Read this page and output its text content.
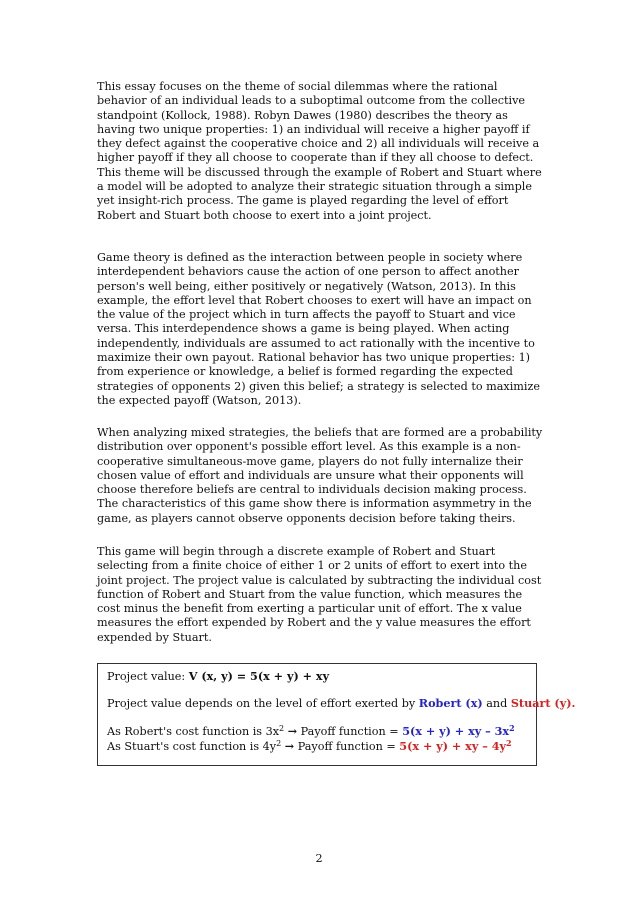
This essay focuses on the theme of social dilemmas where the rational behavior of an individual leads to a suboptimal outcome from the collective standpoint (Kollock, 1988). Robyn Dawes (1980) describes the theory as having two unique properties: 1) an individual will receive a higher payoff if they defect against the cooperative choice and 2) all individuals will receive a higher payoff if they all choose to cooperate than if they all choose to defect. This theme will be discussed through the example of Robert and Stuart where a model will be adopted to analyze their strategic situation through a simple yet insight-rich process. The game is played regarding the level of effort Robert and Stuart both choose to exert into a joint project.

Game theory is defined as the interaction between people in society where interdependent behaviors cause the action of one person to affect another person's well being, either positively or negatively (Watson, 2013). In this example, the effort level that Robert chooses to exert will have an impact on the value of the project which in turn affects the payoff to Stuart and vice versa. This interdependence shows a game is being played. When acting independently, individuals are assumed to act rationally with the incentive to maximize their own payout. Rational behavior has two unique properties: 1) from experience or knowledge, a belief is formed regarding the expected strategies of opponents 2) given this belief; a strategy is selected to maximize the expected payoff (Watson, 2013).

When analyzing mixed strategies, the beliefs that are formed are a probability distribution over opponent's possible effort level. As this example is a non-cooperative simultaneous-move game, players do not fully internalize their chosen value of effort and individuals are unsure what their opponents will choose therefore beliefs are central to individuals decision making process. The characteristics of this game show there is information asymmetry in the game, as players cannot observe opponents decision before taking theirs.

This game will begin through a discrete example of Robert and Stuart selecting from a finite choice of either 1 or 2 units of effort to exert into the joint project. The project value is calculated by subtracting the individual cost function of Robert and Stuart from the value function, which measures the cost minus the benefit from exerting a particular unit of effort. The x value measures the effort expended by Robert and the y value measures the effort expended by Stuart.

Project value: V (x, y) = 5(x + y) + xy

Project value depends on the level of effort exerted by Robert (x) and Stuart (y).

As Robert's cost function is $3x^2$ → Payoff function = 5(x + y) + xy – $3x^2$

As Stuart's cost function is $4y^2$ → Payoff function = 5(x + y) + xy – $4y^2$

2
